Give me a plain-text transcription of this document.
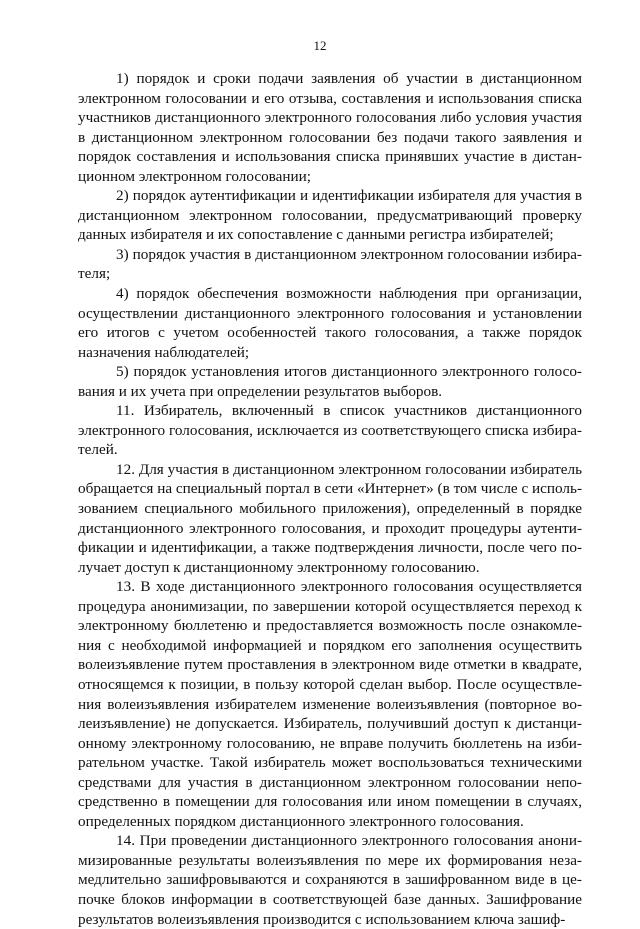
12
1) порядок и сроки подачи заявления об участии в дистанционном
электронном голосовании и его отзыва, составления и использования списка
участников дистанционного электронного голосования либо условия участия
в дистанционном электронном голосовании без подачи такого заявления и
порядок составления и использования списка принявших участие в дистан-
ционном электронном голосовании;
2) порядок аутентификации и идентификации избирателя для участия в
дистанционном электронном голосовании, предусматривающий проверку
данных избирателя и их сопоставление с данными регистра избирателей;
3) порядок участия в дистанционном электронном голосовании избира-
теля;
4) порядок обеспечения возможности наблюдения при организации,
осуществлении дистанционного электронного голосования и установлении
его итогов с учетом особенностей такого голосования, а также порядок
назначения наблюдателей;
5) порядок установления итогов дистанционного электронного голосо-
вания и их учета при определении результатов выборов.
11. Избиратель, включенный в список участников дистанционного
электронного голосования, исключается из соответствующего списка избира-
телей.
12. Для участия в дистанционном электронном голосовании избиратель
обращается на специальный портал в сети «Интернет» (в том числе с исполь-
зованием специального мобильного приложения), определенный в порядке
дистанционного электронного голосования, и проходит процедуры аутенти-
фикации и идентификации, а также подтверждения личности, после чего по-
лучает доступ к дистанционному электронному голосованию.
13. В ходе дистанционного электронного голосования осуществляется
процедура анонимизации, по завершении которой осуществляется переход к
электронному бюллетеню и предоставляется возможность после ознакомле-
ния с необходимой информацией и порядком его заполнения осуществить
волеизъявление путем проставления в электронном виде отметки в квадрате,
относящемся к позиции, в пользу которой сделан выбор. После осуществле-
ния волеизъявления избирателем изменение волеизъявления (повторное во-
леизъявление) не допускается. Избиратель, получивший доступ к дистанци-
онному электронному голосованию, не вправе получить бюллетень на изби-
рательном участке. Такой избиратель может воспользоваться техническими
средствами для участия в дистанционном электронном голосовании непо-
средственно в помещении для голосования или ином помещении в случаях,
определенных порядком дистанционного электронного голосования.
14. При проведении дистанционного электронного голосования анони-
мизированные результаты волеизъявления по мере их формирования неза-
медлительно зашифровываются и сохраняются в зашифрованном виде в це-
почке блоков информации в соответствующей базе данных. Зашифрование
результатов волеизъявления производится с использованием ключа зашиф-
